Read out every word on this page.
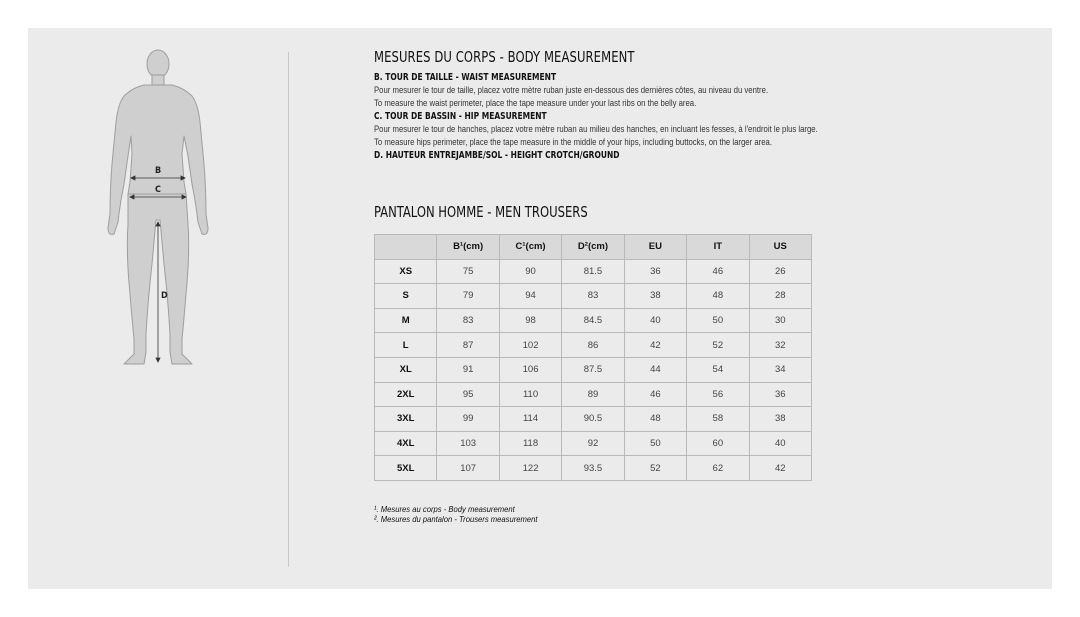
B
C
D
MESURES DU CORPS - BODY MEASUREMENT
B. TOUR DE TAILLE - WAIST MEASUREMENT
Pour mesurer le tour de taille, placez votre mètre ruban juste en-dessous des dernières côtes, au niveau du ventre.
To measure the waist perimeter, place the tape measure under your last ribs on the belly area.
C. TOUR DE BASSIN - HIP MEASUREMENT
Pour mesurer le tour de hanches, placez votre mètre ruban au milieu des hanches, en incluant les fesses, à l'endroit le plus large.
To measure hips perimeter, place the tape measure in the middle of your hips, including buttocks, on the larger area.
D. HAUTEUR ENTREJAMBE/SOL - HEIGHT CROTCH/GROUND
PANTALON HOMME - MEN TROUSERS
	B¹(cm)	C¹(cm)	D²(cm)	EU	IT	US
XS	75	90	81.5	36	46	26
S	79	94	83	38	48	28
M	83	98	84.5	40	50	30
L	87	102	86	42	52	32
XL	91	106	87.5	44	54	34
2XL	95	110	89	46	56	36
3XL	99	114	90.5	48	58	38
4XL	103	118	92	50	60	40
5XL	107	122	93.5	52	62	42
¹. Mesures au corps - Body measurement
². Mesures du pantalon - Trousers measurement
